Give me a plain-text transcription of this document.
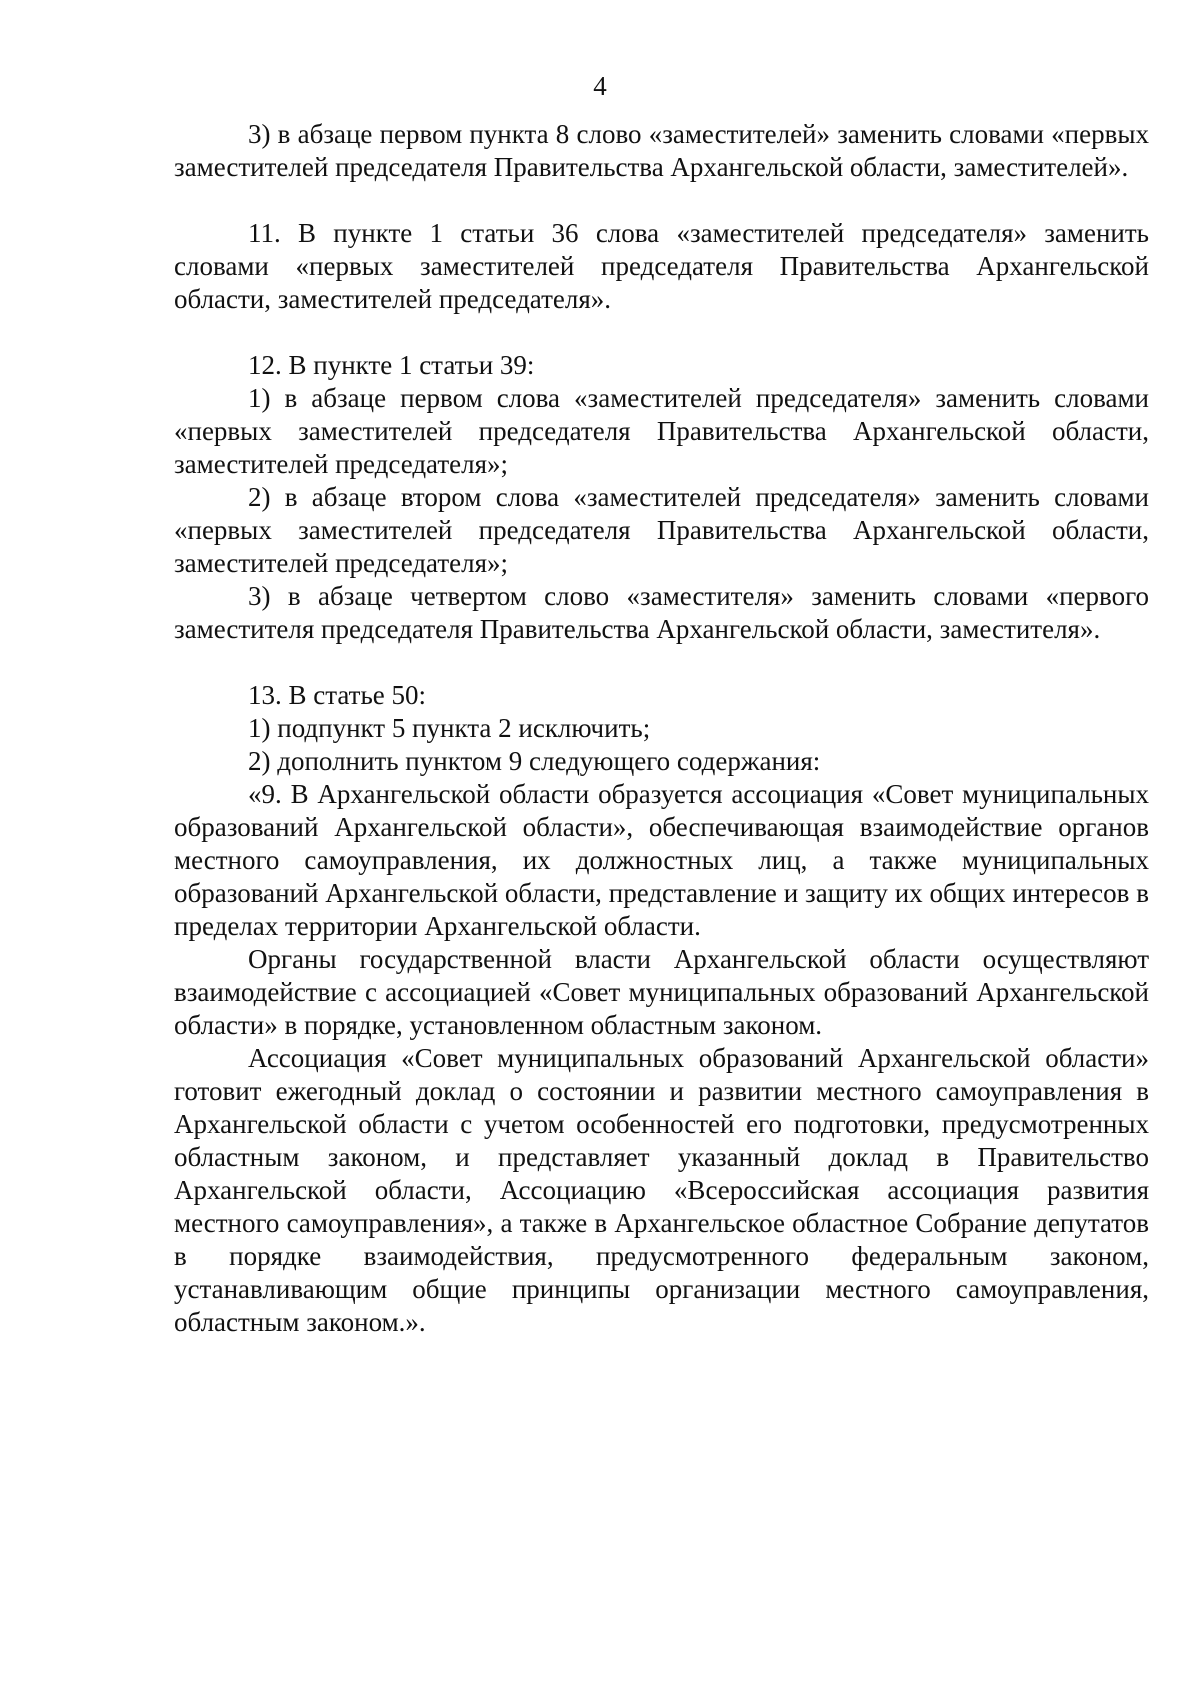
4

3) в абзаце первом пункта 8 слово «заместителей» заменить словами «первых заместителей председателя Правительства Архангельской области, заместителей».

11. В пункте 1 статьи 36 слова «заместителей председателя» заменить словами «первых заместителей председателя Правительства Архангельской области, заместителей председателя».

12. В пункте 1 статьи 39:

1) в абзаце первом слова «заместителей председателя» заменить словами «первых заместителей председателя Правительства Архангельской области, заместителей председателя»;

2) в абзаце втором слова «заместителей председателя» заменить словами «первых заместителей председателя Правительства Архангельской области, заместителей председателя»;

3) в абзаце четвертом слово «заместителя» заменить словами «первого заместителя председателя Правительства Архангельской области, заместителя».

13. В статье 50:

1) подпункт 5 пункта 2 исключить;

2) дополнить пунктом 9 следующего содержания:

«9. В Архангельской области образуется ассоциация «Совет муниципальных образований Архангельской области», обеспечивающая взаимодействие органов местного самоуправления, их должностных лиц, а также муниципальных образований Архангельской области, представление и защиту их общих интересов в пределах территории Архангельской области.

Органы государственной власти Архангельской области осуществляют взаимодействие с ассоциацией «Совет муниципальных образований Архангельской области» в порядке, установленном областным законом.

Ассоциация «Совет муниципальных образований Архангельской области» готовит ежегодный доклад о состоянии и развитии местного самоуправления в Архангельской области с учетом особенностей его подготовки, предусмотренных областным законом, и представляет указанный доклад в Правительство Архангельской области, Ассоциацию «Всероссийская ассоциация развития местного самоуправления», а также в Архангельское областное Собрание депутатов в порядке взаимодействия, предусмотренного федеральным законом, устанавливающим общие принципы организации местного самоуправления, областным законом.».
